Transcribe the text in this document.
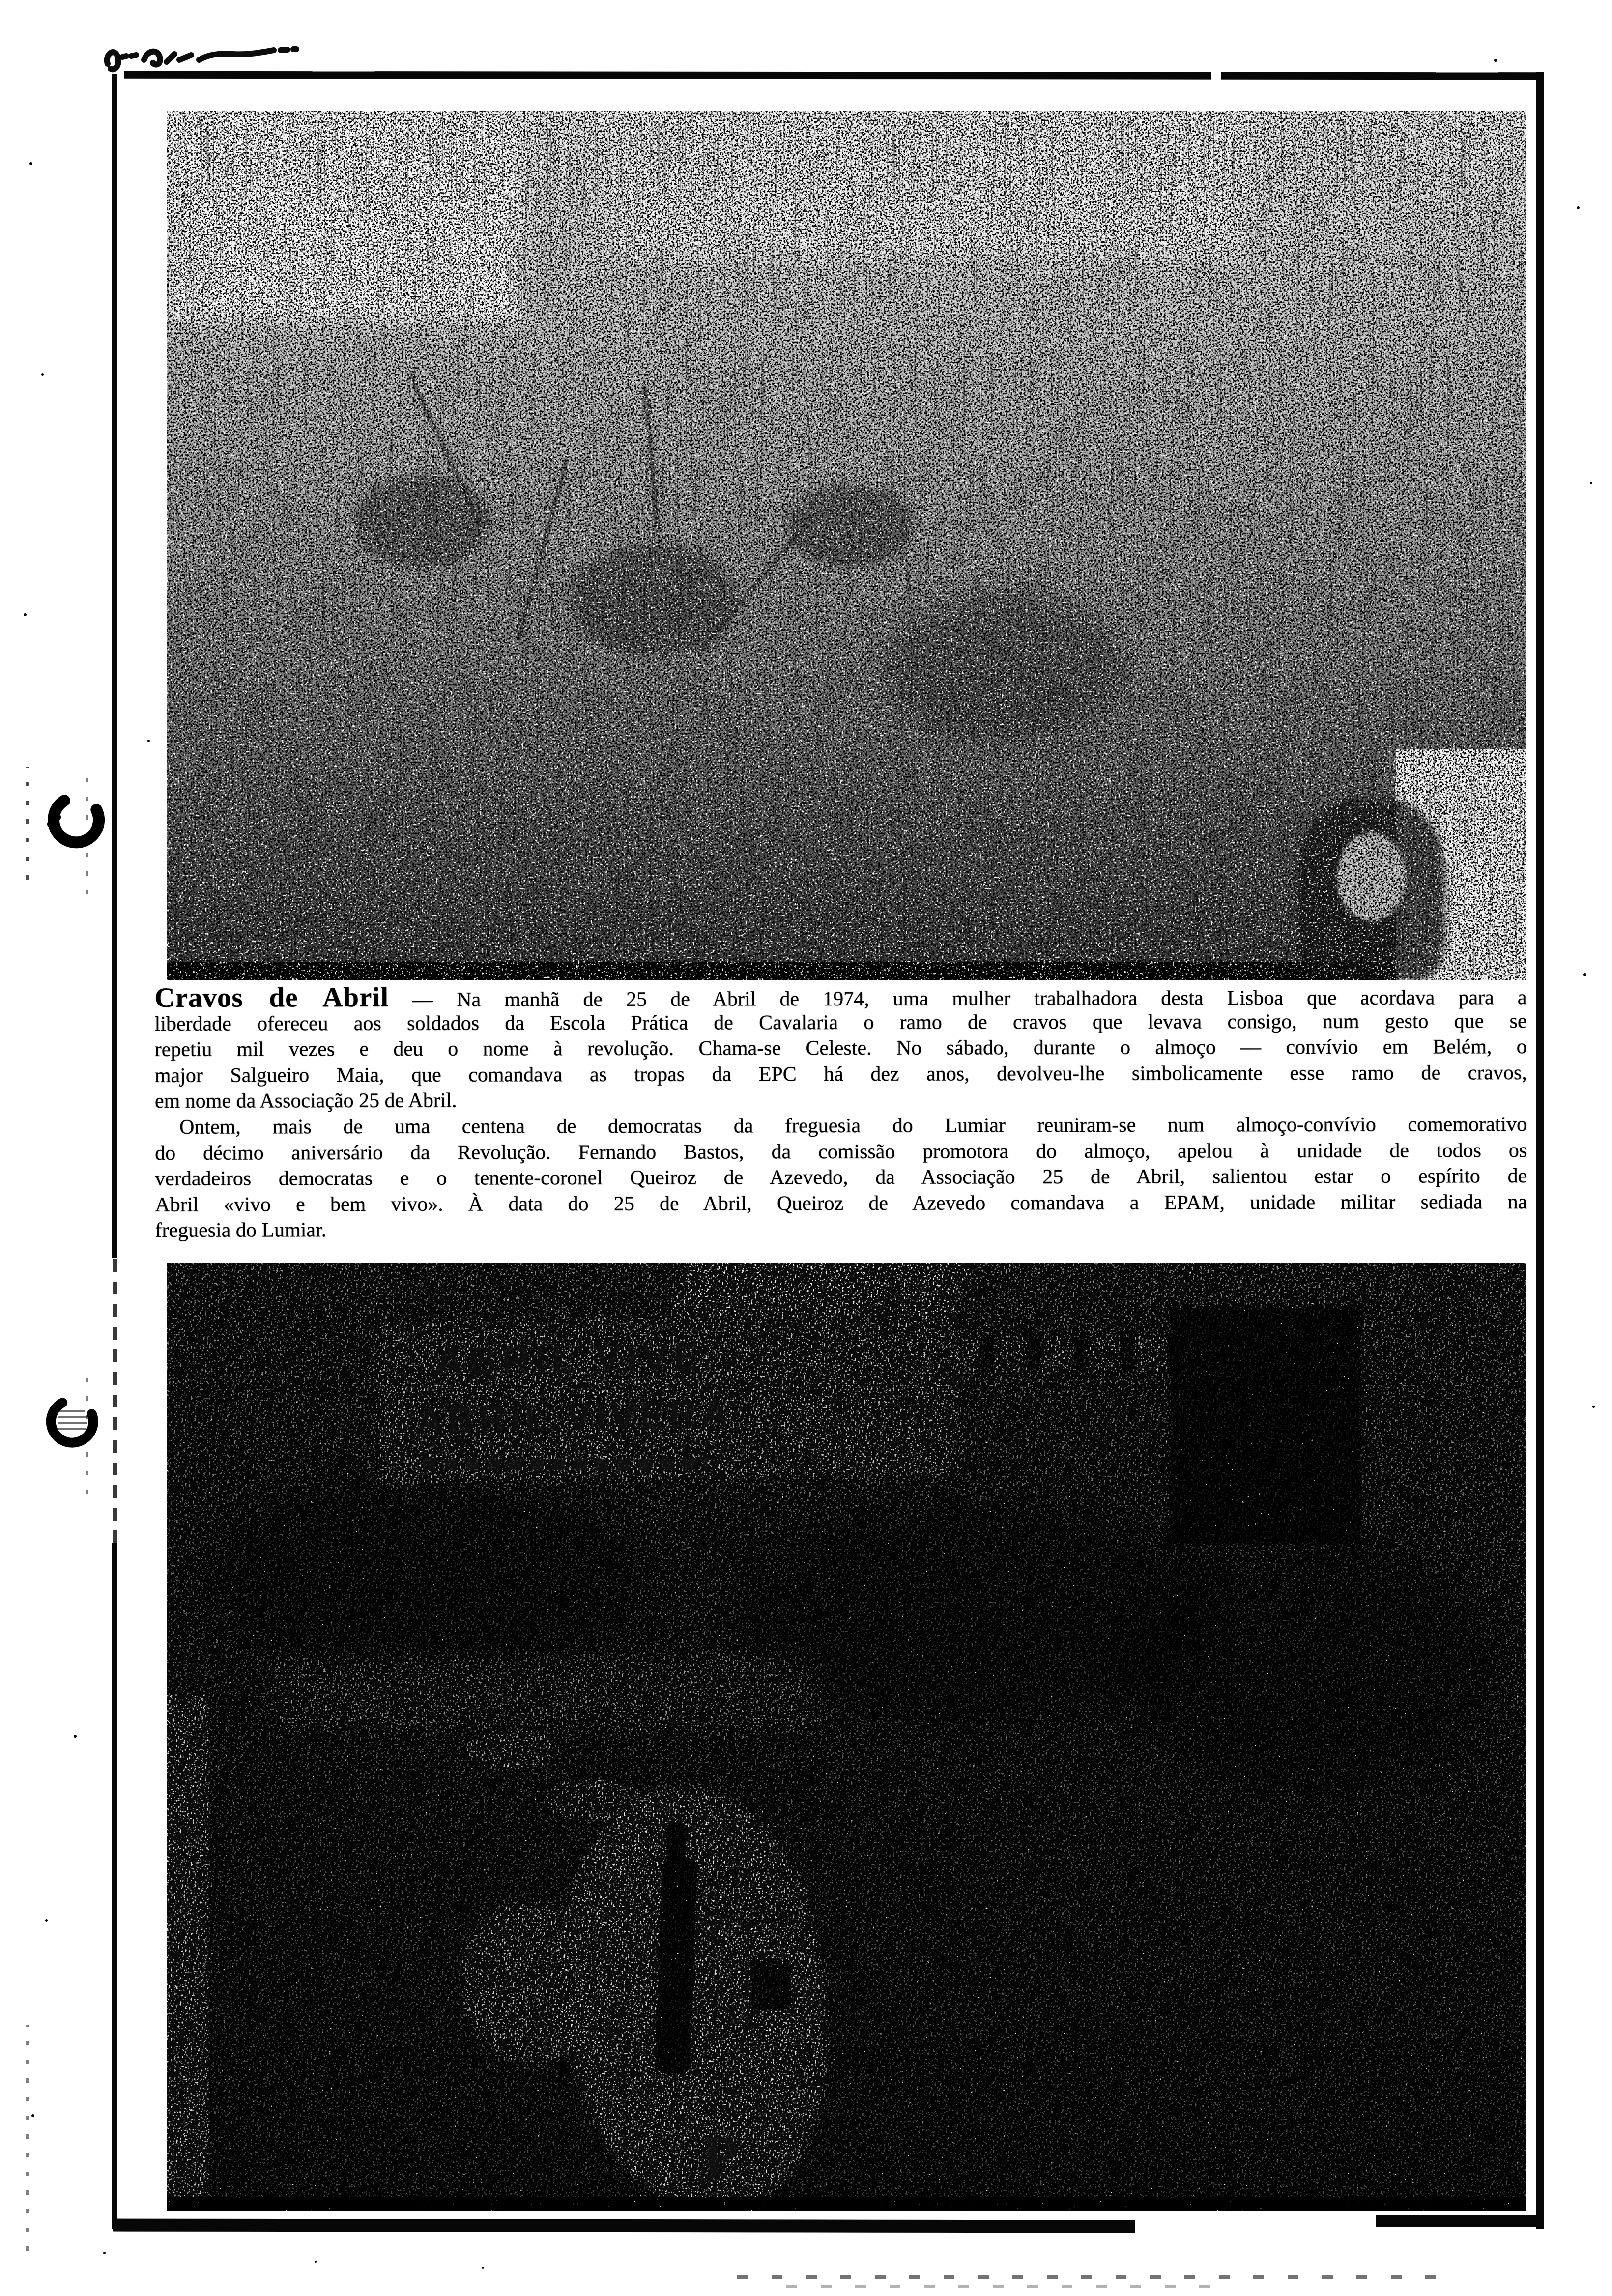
Cravos de Abril — Na manhã de 25 de Abril de 1974, uma mulher trabalhadora desta Lisboa que acordava para a
liberdade ofereceu aos soldados da Escola Prática de Cavalaria o ramo de cravos que levava consigo, num gesto que se
repetiu mil vezes e deu o nome à revolução. Chama-se Celeste. No sábado, durante o almoço — convívio em Belém, o
major Salgueiro Maia, que comandava as tropas da EPC há dez anos, devolveu-lhe simbolicamente esse ramo de cravos,
em nome da Associação 25 de Abril.
Ontem, mais de uma centena de democratas da freguesia do Lumiar reuniram-se num almoço-convívio comemorativo
do décimo aniversário da Revolução. Fernando Bastos, da comissão promotora do almoço, apelou à unidade de todos os
verdadeiros democratas e o tenente-coronel Queiroz de Azevedo, da Associação 25 de Abril, salientou estar o espírito de
Abril «vivo e bem vivo». À data do 25 de Abril, Queiroz de Azevedo comandava a EPAM, unidade militar sediada na
freguesia do Lumiar.
ABRIL VIVE
ABRIL VIVERÁ
P
